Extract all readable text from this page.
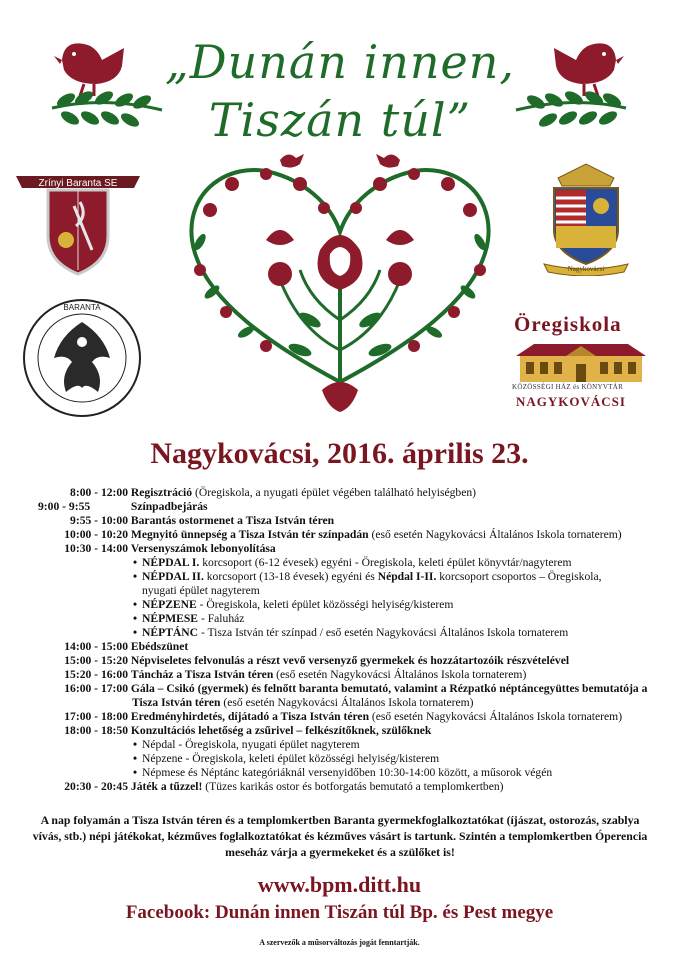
„Dunán innen,
Tiszán túl”
Zrínyi Baranta SE
BARANTA
Nagykovácsi
Öregiskola
KÖZÖSSÉGI HÁZ és KÖNYVTÁR
NAGYKOVÁCSI
Nagykovácsi, 2016. április 23.
8:00 - 12:00 Regisztráció (Öregiskola, a nyugati épület végében található helyiségben)
9:00 - 9:55	Színpadbejárás
9:55 - 10:00 Barantás ostormenet a Tisza István téren
10:00 - 10:20 Megnyitó ünnepség a Tisza István tér színpadán (eső esetén Nagykovácsi Általános Iskola tornaterem)
10:30 - 14:00 Versenyszámok lebonyolítása
• NÉPDAL I. korcsoport (6-12 évesek) egyéni - Öregiskola, keleti épület könyvtár/nagyterem
• NÉPDAL II. korcsoport (13-18 évesek) egyéni és Népdal I-II. korcsoport csoportos – Öregiskola, nyugati épület nagyterem
• NÉPZENE - Öregiskola, keleti épület közösségi helyiség/kisterem
• NÉPMESE - Faluház
• NÉPTÁNC - Tisza István tér színpad / eső esetén Nagykovácsi Általános Iskola tornaterem
14:00 - 15:00 Ebédszünet
15:00 - 15:20 Népviseletes felvonulás a részt vevő versenyző gyermekek és hozzátartozóik részvételével
15:20 - 16:00 Táncház a Tisza István téren (eső esetén Nagykovácsi Általános Iskola tornaterem)
16:00 - 17:00 Gála – Csikó (gyermek) és felnőtt baranta bemutató, valamint a Rézpatkó néptáncegyüttes bemutatója a Tisza István téren (eső esetén Nagykovácsi Általános Iskola tornaterem)
17:00 - 18:00 Eredményhirdetés, díjátadó a Tisza István téren (eső esetén Nagykovácsi Általános Iskola tornaterem)
18:00 - 18:50 Konzultációs lehetőség a zsűrivel – felkészítőknek, szülőknek
• Népdal - Öregiskola, nyugati épület nagyterem
• Népzene - Öregiskola, keleti épület közösségi helyiség/kisterem
• Népmese és Néptánc kategóriáknál versenyidőben 10:30-14:00 között, a műsorok végén
20:30 - 20:45 Játék a tűzzel! (Tüzes karikás ostor és botforgatás bemutató a templomkertben)
A nap folyamán a Tisza István téren és a templomkertben Baranta gyermekfoglalkoztatókat (íjászat, ostorozás, szablya vívás, stb.) népi játékokat, kézműves foglalkoztatókat és kézműves vásárt is tartunk. Szintén a templomkertben Óperencia meseház várja a gyermekeket és a szülőket is!
www.bpm.ditt.hu
Facebook: Dunán innen Tiszán túl Bp. és Pest megye
A szervezők a műsorváltozás jogát fenntartják.
